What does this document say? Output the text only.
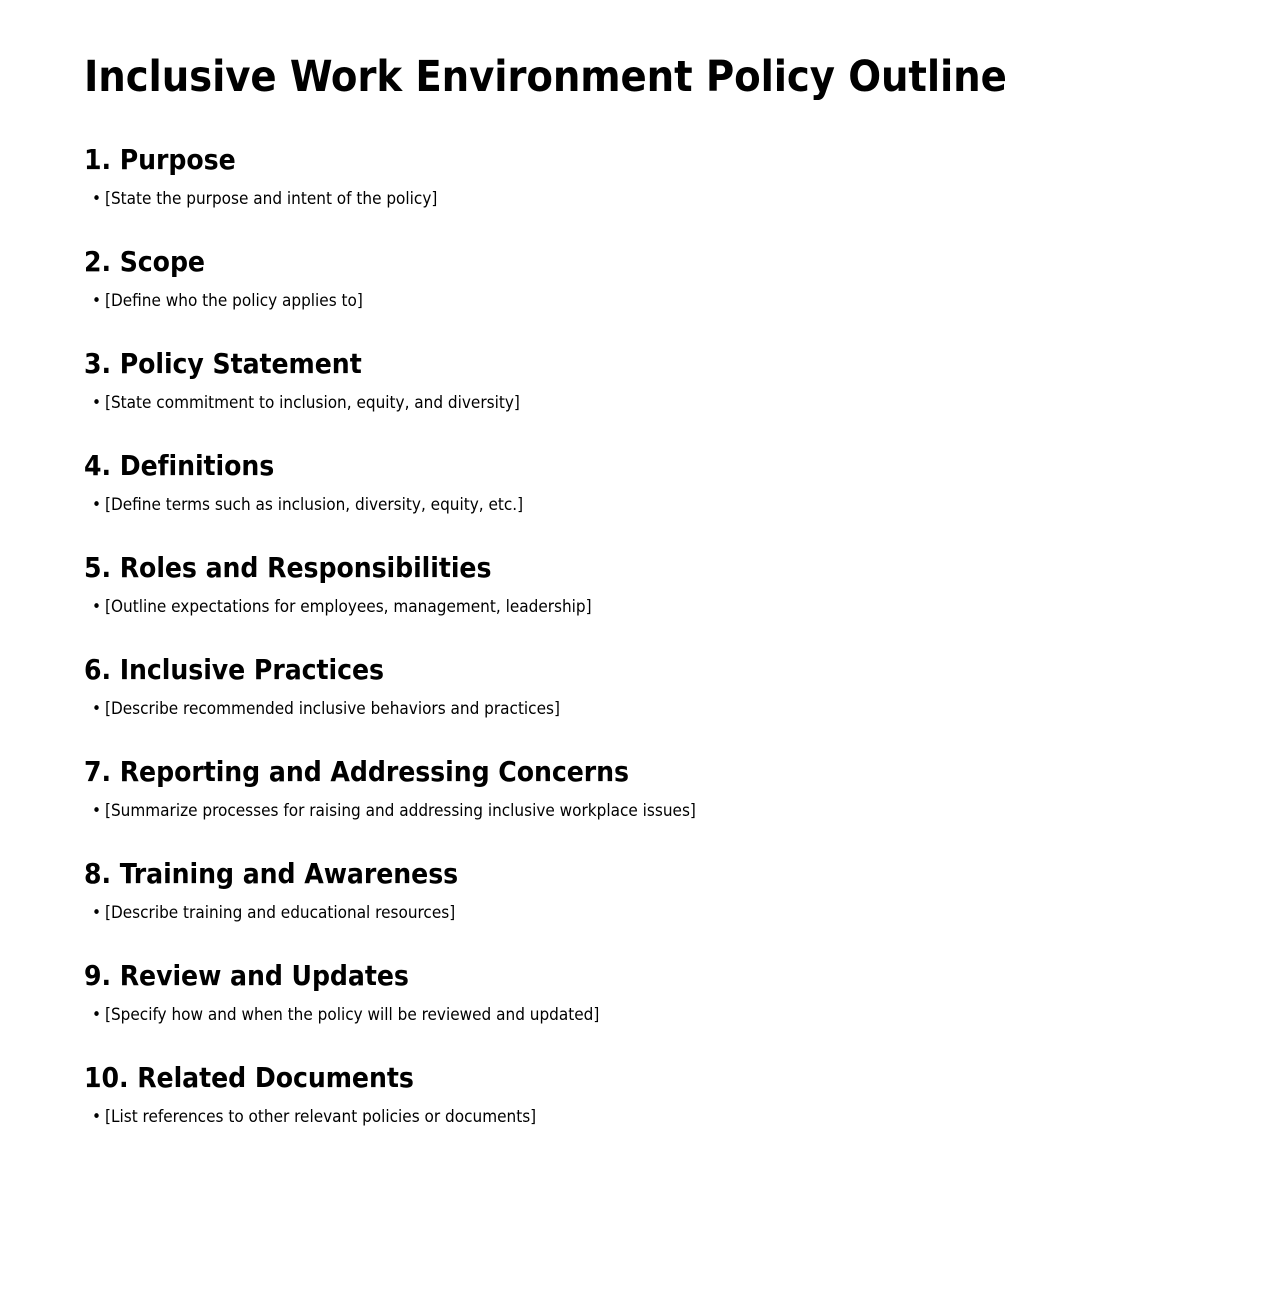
Inclusive Work Environment Policy Outline
1. Purpose
• [State the purpose and intent of the policy]
2. Scope
• [Define who the policy applies to]
3. Policy Statement
• [State commitment to inclusion, equity, and diversity]
4. Definitions
• [Define terms such as inclusion, diversity, equity, etc.]
5. Roles and Responsibilities
• [Outline expectations for employees, management, leadership]
6. Inclusive Practices
• [Describe recommended inclusive behaviors and practices]
7. Reporting and Addressing Concerns
• [Summarize processes for raising and addressing inclusive workplace issues]
8. Training and Awareness
• [Describe training and educational resources]
9. Review and Updates
• [Specify how and when the policy will be reviewed and updated]
10. Related Documents
• [List references to other relevant policies or documents]
